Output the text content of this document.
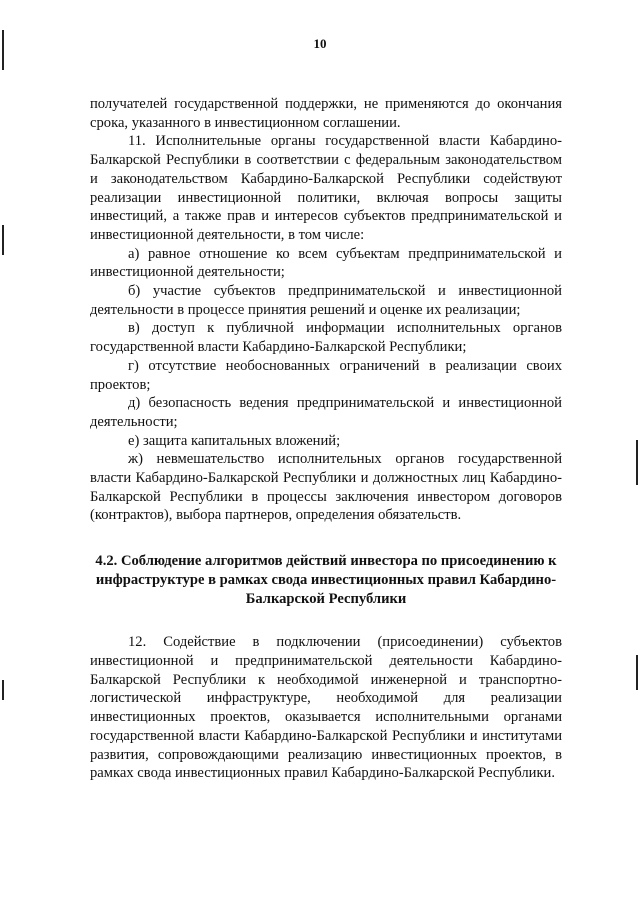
10

получателей государственной поддержки, не применяются до окончания срока, указанного в инвестиционном соглашении.

11. Исполнительные органы государственной власти Кабардино-Балкарской Республики в соответствии с федеральным законодательством и законодательством Кабардино-Балкарской Республики содействуют реализации инвестиционной политики, включая вопросы защиты инвестиций, а также прав и интересов субъектов предпринимательской и инвестиционной деятельности, в том числе:

а) равное отношение ко всем субъектам предпринимательской и инвестиционной деятельности;

б) участие субъектов предпринимательской и инвестиционной деятельности в процессе принятия решений и оценке их реализации;

в) доступ к публичной информации исполнительных органов государственной власти Кабардино-Балкарской Республики;

г) отсутствие необоснованных ограничений в реализации своих проектов;

д) безопасность ведения предпринимательской и инвестиционной деятельности;

е) защита капитальных вложений;

ж) невмешательство исполнительных органов государственной власти Кабардино-Балкарской Республики и должностных лиц Кабардино-Балкарской Республики в процессы заключения инвестором договоров (контрактов), выбора партнеров, определения обязательств.

4.2. Соблюдение алгоритмов действий инвестора по присоединению к инфраструктуре в рамках свода инвестиционных правил Кабардино-Балкарской Республики

12. Содействие в подключении (присоединении) субъектов инвестиционной и предпринимательской деятельности Кабардино-Балкарской Республики к необходимой инженерной и транспортно-логистической инфраструктуре, необходимой для реализации инвестиционных проектов, оказывается исполнительными органами государственной власти Кабардино-Балкарской Республики и институтами развития, сопровождающими реализацию инвестиционных проектов, в рамках свода инвестиционных правил Кабардино-Балкарской Республики.
